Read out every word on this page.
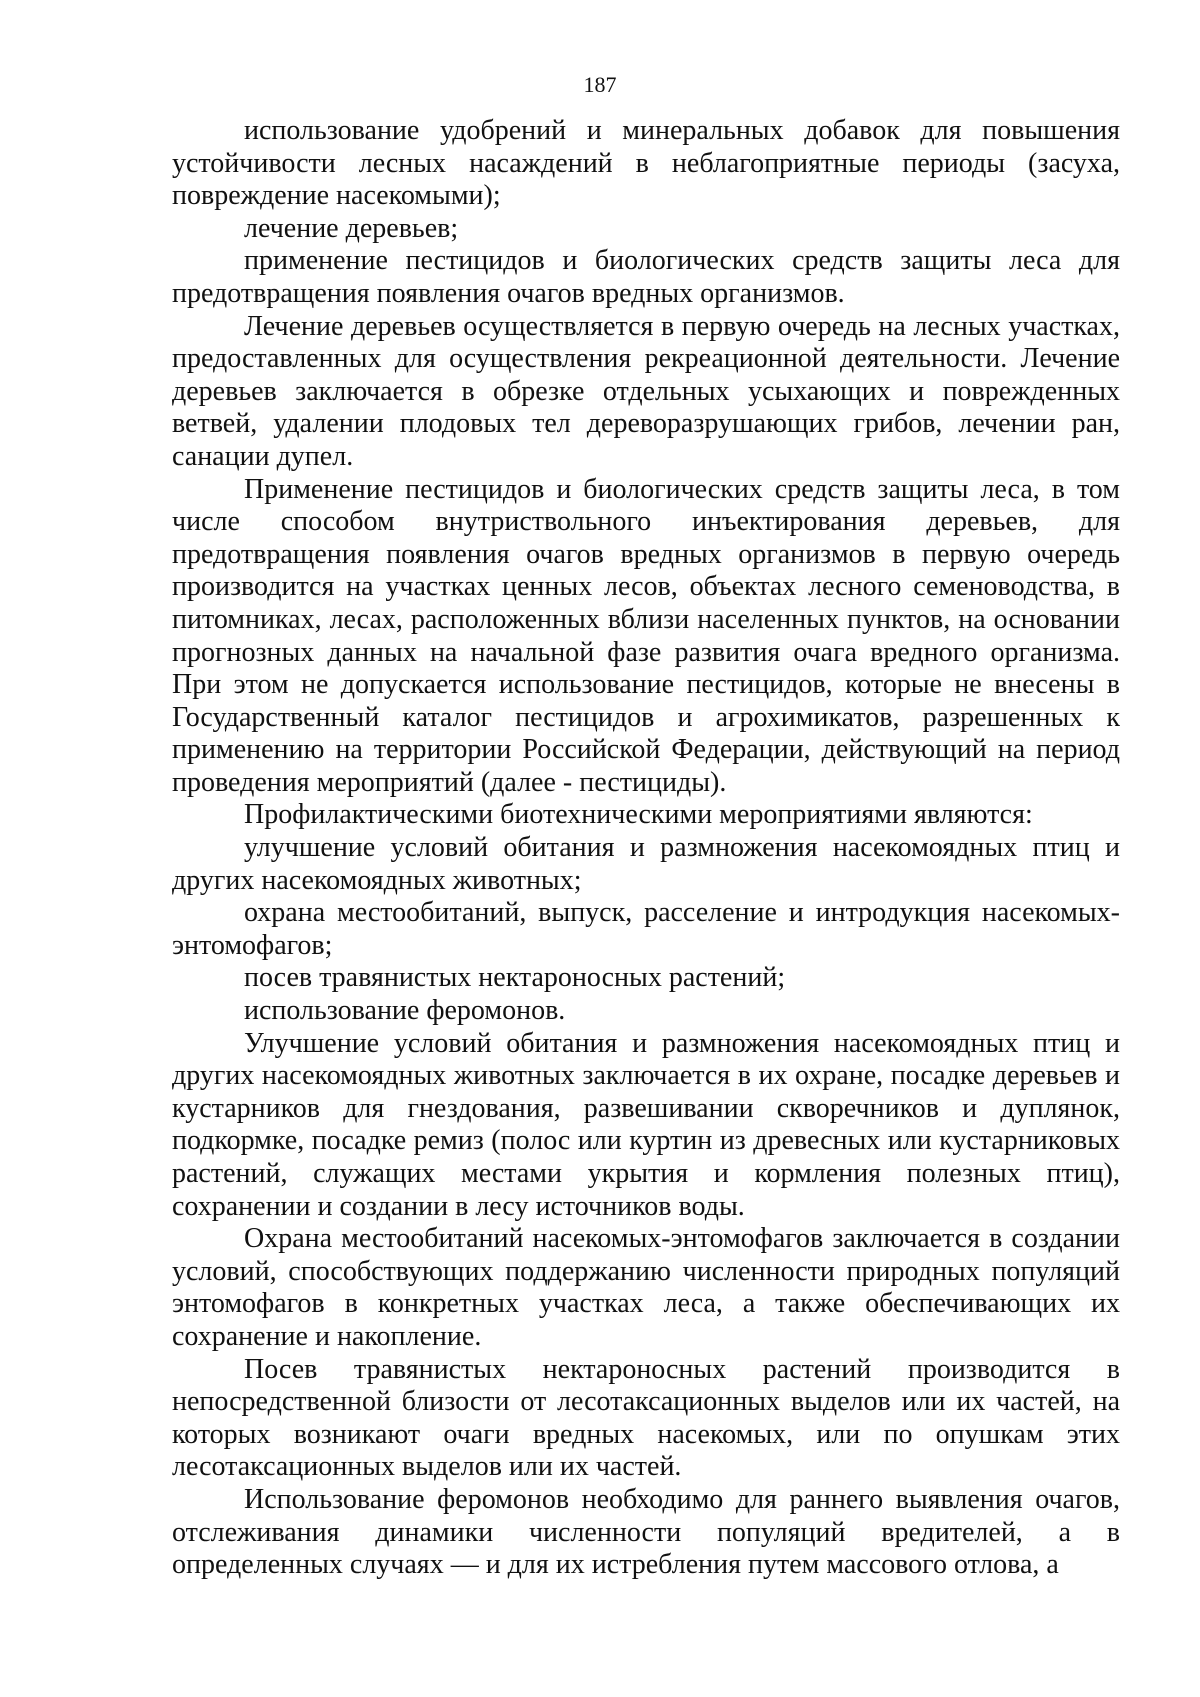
187

использование удобрений и минеральных добавок для повышения устойчивости лесных насаждений в неблагоприятные периоды (засуха, повреждение насекомыми);

лечение деревьев;

применение пестицидов и биологических средств защиты леса для предотвращения появления очагов вредных организмов.

Лечение деревьев осуществляется в первую очередь на лесных участках, предоставленных для осуществления рекреационной деятельности. Лечение деревьев заключается в обрезке отдельных усыхающих и поврежденных ветвей, удалении плодовых тел дереворазрушающих грибов, лечении ран, санации дупел.

Применение пестицидов и биологических средств защиты леса, в том числе способом внутриствольного инъектирования деревьев, для предотвращения появления очагов вредных организмов в первую очередь производится на участках ценных лесов, объектах лесного семеноводства, в питомниках, лесах, расположенных вблизи населенных пунктов, на основании прогнозных данных на начальной фазе развития очага вредного организма. При этом не допускается использование пестицидов, которые не внесены в Государственный каталог пестицидов и агрохимикатов, разрешенных к применению на территории Российской Федерации, действующий на период проведения мероприятий (далее - пестициды).

Профилактическими биотехническими мероприятиями являются:

улучшение условий обитания и размножения насекомоядных птиц и других насекомоядных животных;

охрана местообитаний, выпуск, расселение и интродукция насекомых-энтомофагов;

посев травянистых нектароносных растений;

использование феромонов.

Улучшение условий обитания и размножения насекомоядных птиц и других насекомоядных животных заключается в их охране, посадке деревьев и кустарников для гнездования, развешивании скворечников и дуплянок, подкормке, посадке ремиз (полос или куртин из древесных или кустарниковых растений, служащих местами укрытия и кормления полезных птиц), сохранении и создании в лесу источников воды.

Охрана местообитаний насекомых-энтомофагов заключается в создании условий, способствующих поддержанию численности природных популяций энтомофагов в конкретных участках леса, а также обеспечивающих их сохранение и накопление.

Посев травянистых нектароносных растений производится в непосредственной близости от лесотаксационных выделов или их частей, на которых возникают очаги вредных насекомых, или по опушкам этих лесотаксационных выделов или их частей.

Использование феромонов необходимо для раннего выявления очагов, отслеживания динамики численности популяций вредителей, а в определенных случаях — и для их истребления путем массового отлова, а
